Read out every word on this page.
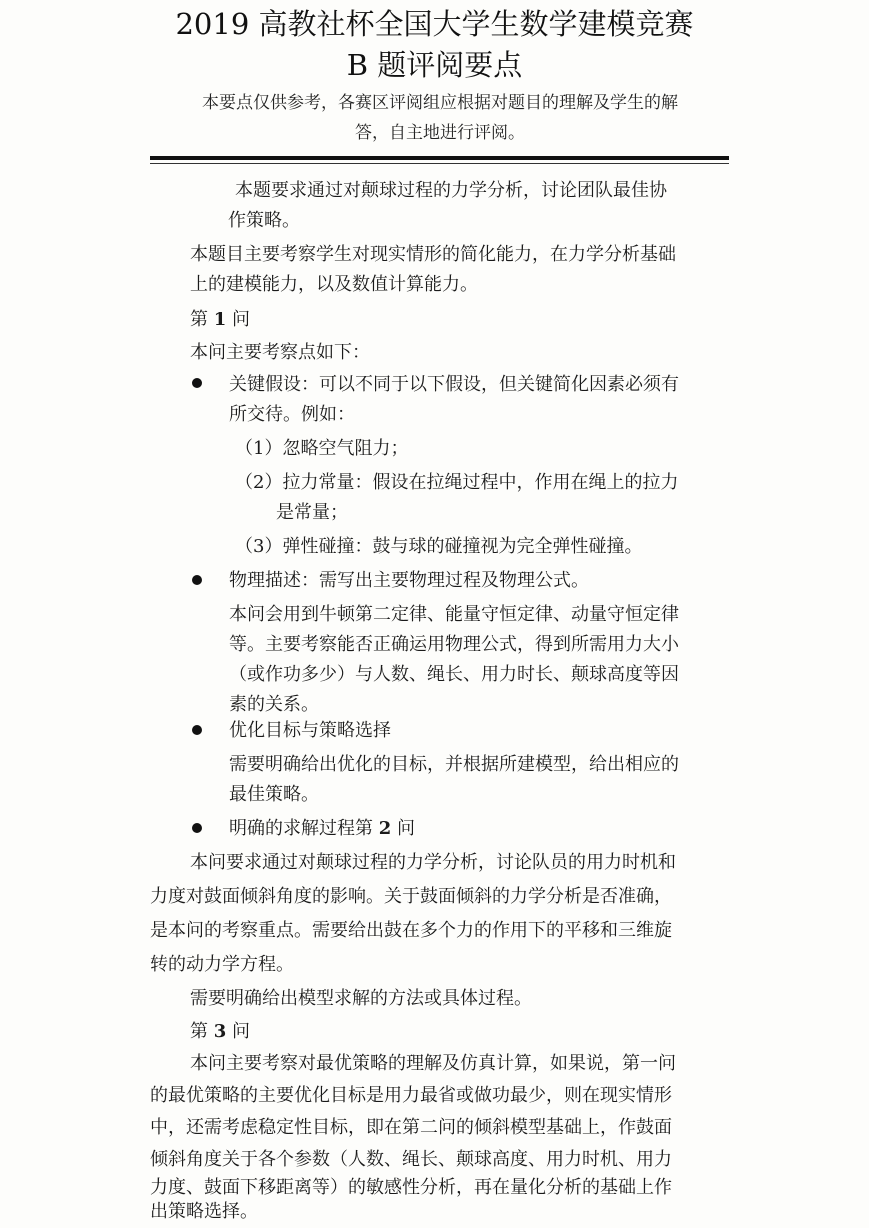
2019 高教社杯全国大学生数学建模竞赛
B 题评阅要点
本要点仅供参考，各赛区评阅组应根据对题目的理解及学生的解
答，自主地进行评阅。
本题要求通过对颠球过程的力学分析，讨论团队最佳协
作策略。
本题目主要考察学生对现实情形的简化能力，在力学分析基础
上的建模能力，以及数值计算能力。
第 1 问
本问主要考察点如下：
关键假设：可以不同于以下假设，但关键简化因素必须有
所交待。例如：
（1）忽略空气阻力；
（2）拉力常量：假设在拉绳过程中，作用在绳上的拉力
是常量；
（3）弹性碰撞：鼓与球的碰撞视为完全弹性碰撞。
物理描述：需写出主要物理过程及物理公式。
本问会用到牛顿第二定律、能量守恒定律、动量守恒定律
等。主要考察能否正确运用物理公式，得到所需用力大小
（或作功多少）与人数、绳长、用力时长、颠球高度等因
素的关系。
优化目标与策略选择
需要明确给出优化的目标，并根据所建模型，给出相应的
最佳策略。
明确的求解过程第 2 问
本问要求通过对颠球过程的力学分析，讨论队员的用力时机和
力度对鼓面倾斜角度的影响。关于鼓面倾斜的力学分析是否准确，
是本问的考察重点。需要给出鼓在多个力的作用下的平移和三维旋
转的动力学方程。
需要明确给出模型求解的方法或具体过程。
第 3 问
本问主要考察对最优策略的理解及仿真计算，如果说，第一问
的最优策略的主要优化目标是用力最省或做功最少，则在现实情形
中，还需考虑稳定性目标，即在第二问的倾斜模型基础上，作鼓面
倾斜角度关于各个参数（人数、绳长、颠球高度、用力时机、用力
力度、鼓面下移距离等）的敏感性分析，再在量化分析的基础上作
出策略选择。
